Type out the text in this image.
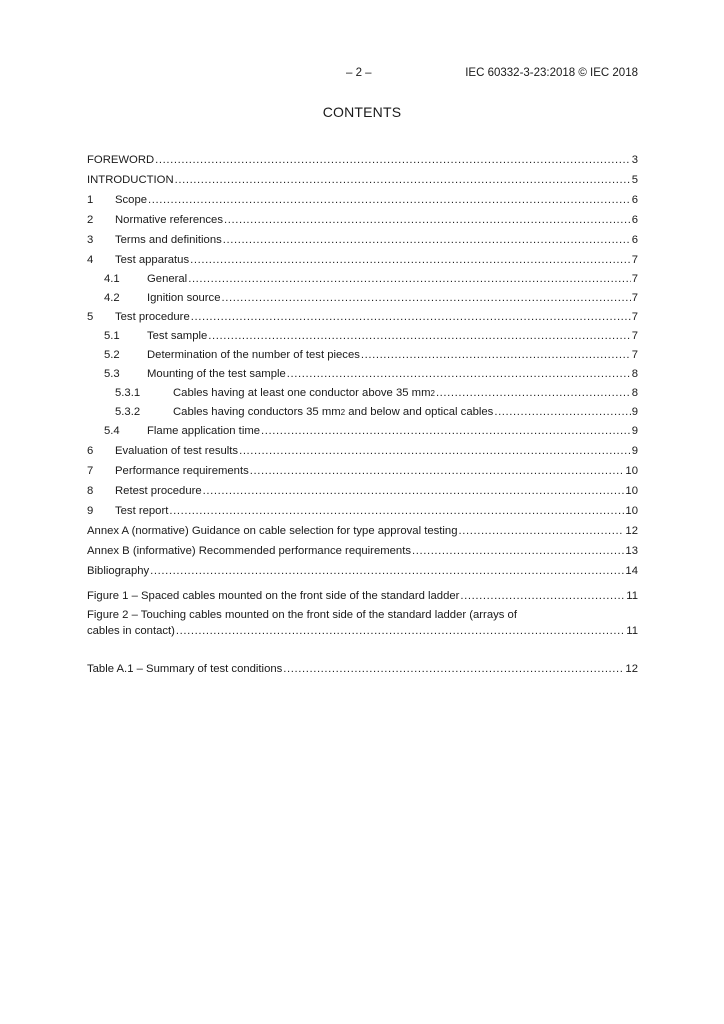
– 2 –	IEC 60332-3-23:2018 © IEC 2018
CONTENTS
FOREWORD .....	3
INTRODUCTION .....	5
1	Scope .....	6
2	Normative references .....	6
3	Terms and definitions .....	6
4	Test apparatus .....	7
4.1	General .....	7
4.2	Ignition source .....	7
5	Test procedure .....	7
5.1	Test sample .....	7
5.2	Determination of the number of test pieces .....	7
5.3	Mounting of the test sample .....	8
5.3.1	Cables having at least one conductor above 35 mm 2 .....	8
5.3.2	Cables having conductors 35 mm 2 and below and optical cables .....	9
5.4	Flame application time .....	9
6	Evaluation of test results .....	9
7	Performance requirements .....	10
8	Retest procedure .....	10
9	Test report .....	10
Annex A (normative) Guidance on cable selection for type approval testing .....	12
Annex B (informative) Recommended performance requirements .....	13
Bibliography .....	14
Figure 1 – Spaced cables mounted on the front side of the standard ladder .....	11
Figure 2 – Touching cables mounted on the front side of the standard ladder (arrays of
cables in contact) .....	11
Table A.1 – Summary of test conditions .....	12
